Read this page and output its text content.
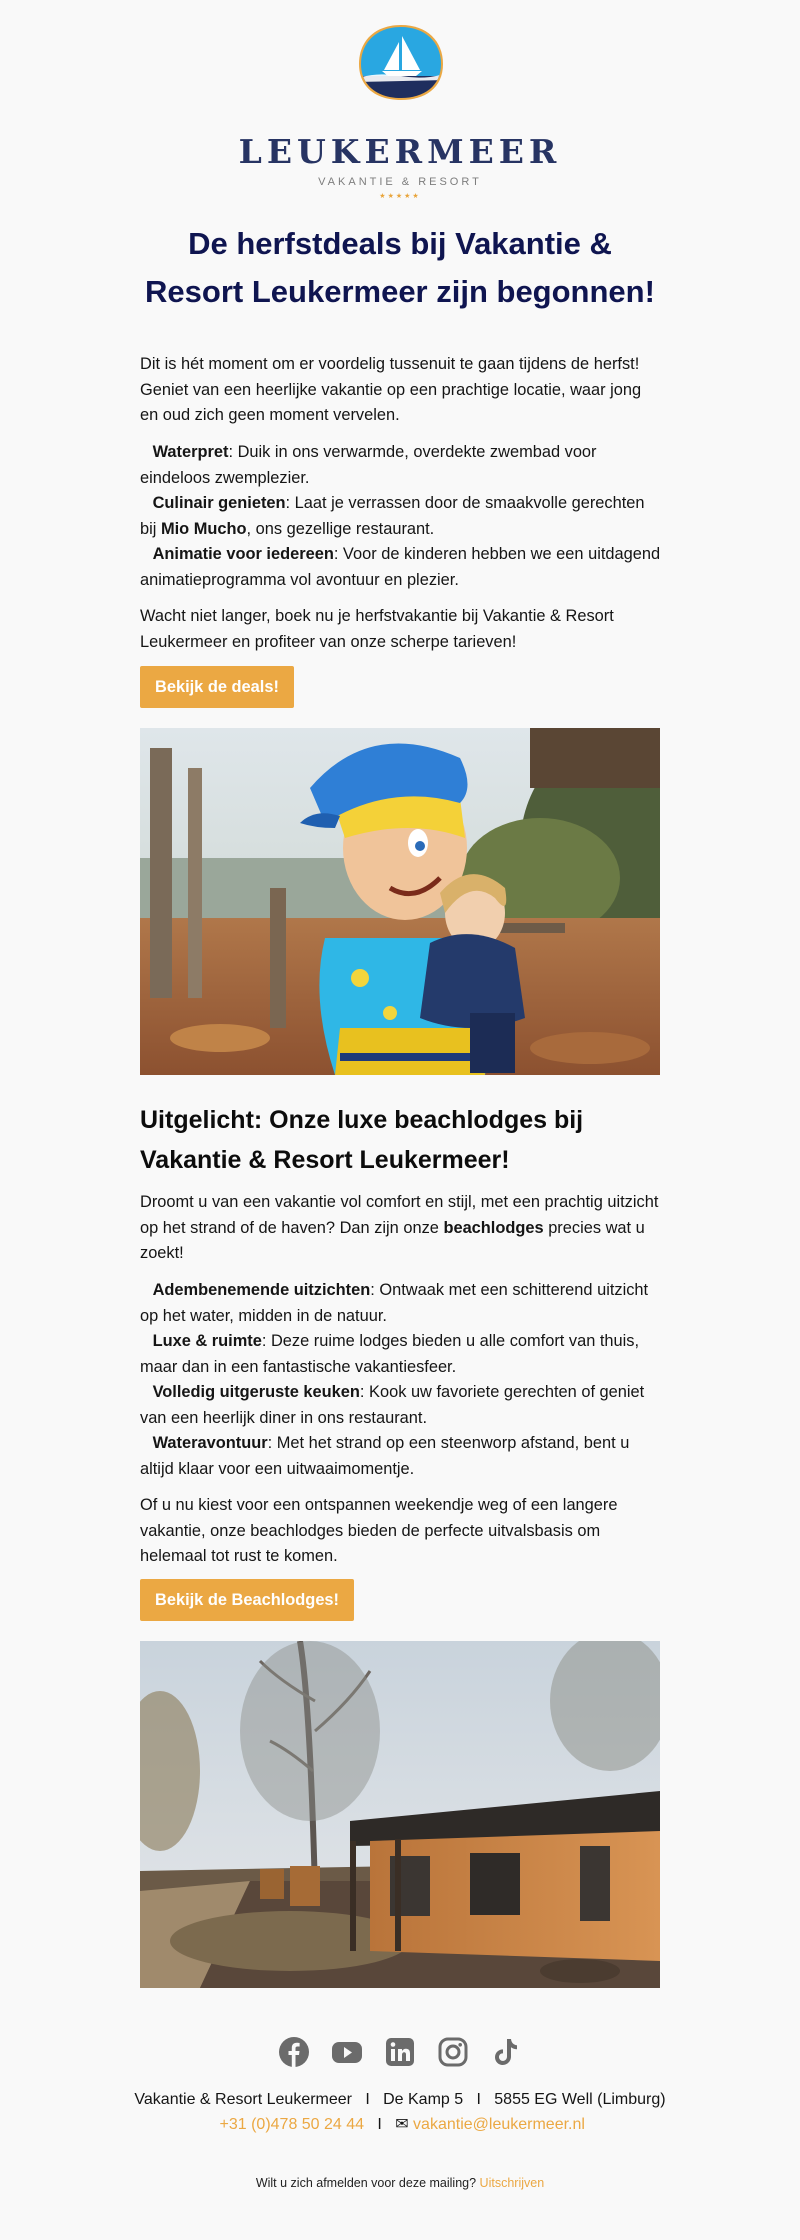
LEUKERMEER
VAKANTIE & RESORT
★★★★★
De herfstdeals bij Vakantie & Resort Leukermeer zijn begonnen!

Dit is hét moment om er voordelig tussenuit te gaan tijdens de herfst! Geniet van een heerlijke vakantie op een prachtige locatie, waar jong en oud zich geen moment vervelen.

Waterpret: Duik in ons verwarmde, overdekte zwembad voor eindeloos zwemplezier.
Culinair genieten: Laat je verrassen door de smaakvolle gerechten bij Mio Mucho, ons gezellige restaurant.
Animatie voor iedereen: Voor de kinderen hebben we een uitdagend animatieprogramma vol avontuur en plezier.

Wacht niet langer, boek nu je herfstvakantie bij Vakantie & Resort Leukermeer en profiteer van onze scherpe tarieven!

Bekijk de deals!
Uitgelicht: Onze luxe beachlodges bij Vakantie & Resort Leukermeer!

Droomt u van een vakantie vol comfort en stijl, met een prachtig uitzicht op het strand of de haven? Dan zijn onze beachlodges precies wat u zoekt!

Adembenemende uitzichten: Ontwaak met een schitterend uitzicht op het water, midden in de natuur.
Luxe & ruimte: Deze ruime lodges bieden u alle comfort van thuis, maar dan in een fantastische vakantiesfeer.
Volledig uitgeruste keuken: Kook uw favoriete gerechten of geniet van een heerlijk diner in ons restaurant.
Wateravontuur: Met het strand op een steenworp afstand, bent u altijd klaar voor een uitwaaimomentje.

Of u nu kiest voor een ontspannen weekendje weg of een langere vakantie, onze beachlodges bieden de perfecte uitvalsbasis om helemaal tot rust te komen.

Bekijk de Beachlodges!
Vakantie & Resort Leukermeer   I   De Kamp 5   I   5855 EG Well (Limburg)
+31 (0)478 50 24 44   I   ✉ vakantie@leukermeer.nl
Wilt u zich afmelden voor deze mailing? Uitschrijven
